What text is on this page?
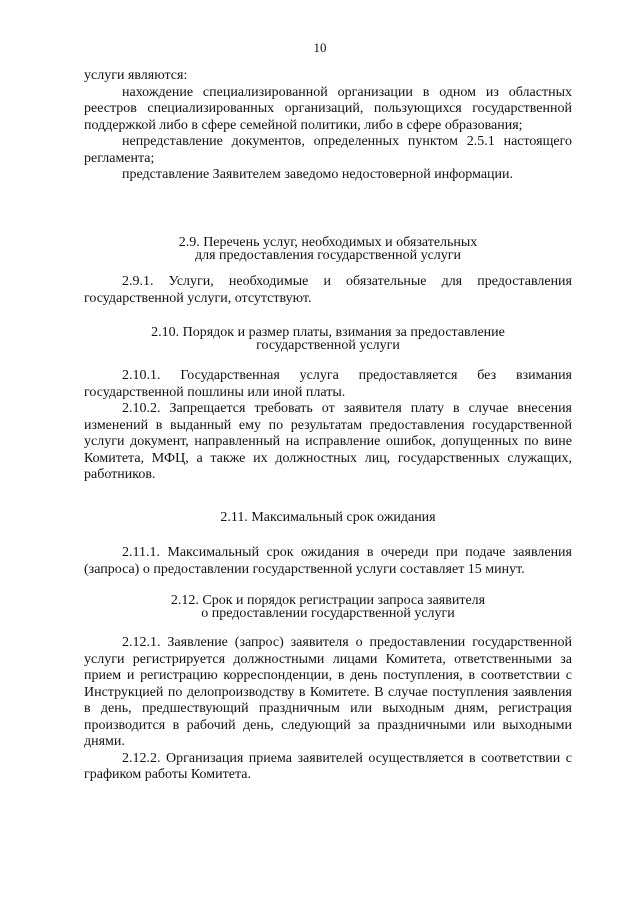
10

услуги являются:

нахождение специализированной организации в одном из областных реестров специализированных организаций, пользующихся государственной поддержкой либо в сфере семейной политики, либо в сфере образования;

непредставление документов, определенных пунктом 2.5.1 настоящего регламента;

представление Заявителем заведомо недостоверной информации.

2.9. Перечень услуг, необходимых и обязательных
для предоставления государственной услуги

2.9.1. Услуги, необходимые и обязательные для предоставления государственной услуги, отсутствуют.

2.10. Порядок и размер платы, взимания за предоставление
государственной услуги

2.10.1. Государственная услуга предоставляется без взимания государственной пошлины или иной платы.

2.10.2. Запрещается требовать от заявителя плату в случае внесения изменений в выданный ему по результатам предоставления государственной услуги документ, направленный на исправление ошибок, допущенных по вине Комитета, МФЦ, а также их должностных лиц, государственных служащих, работников.

2.11. Максимальный срок ожидания

2.11.1. Максимальный срок ожидания в очереди при подаче заявления (запроса) о предоставлении государственной услуги составляет 15 минут.

2.12. Срок и порядок регистрации запроса заявителя
о предоставлении государственной услуги

2.12.1. Заявление (запрос) заявителя о предоставлении государственной услуги регистрируется должностными лицами Комитета, ответственными за прием и регистрацию корреспонденции, в день поступления, в соответствии с Инструкцией по делопроизводству в Комитете. В случае поступления заявления в день, предшествующий праздничным или выходным дням, регистрация производится в рабочий день, следующий за праздничными или выходными днями.

2.12.2. Организация приема заявителей осуществляется в соответствии с графиком работы Комитета.
